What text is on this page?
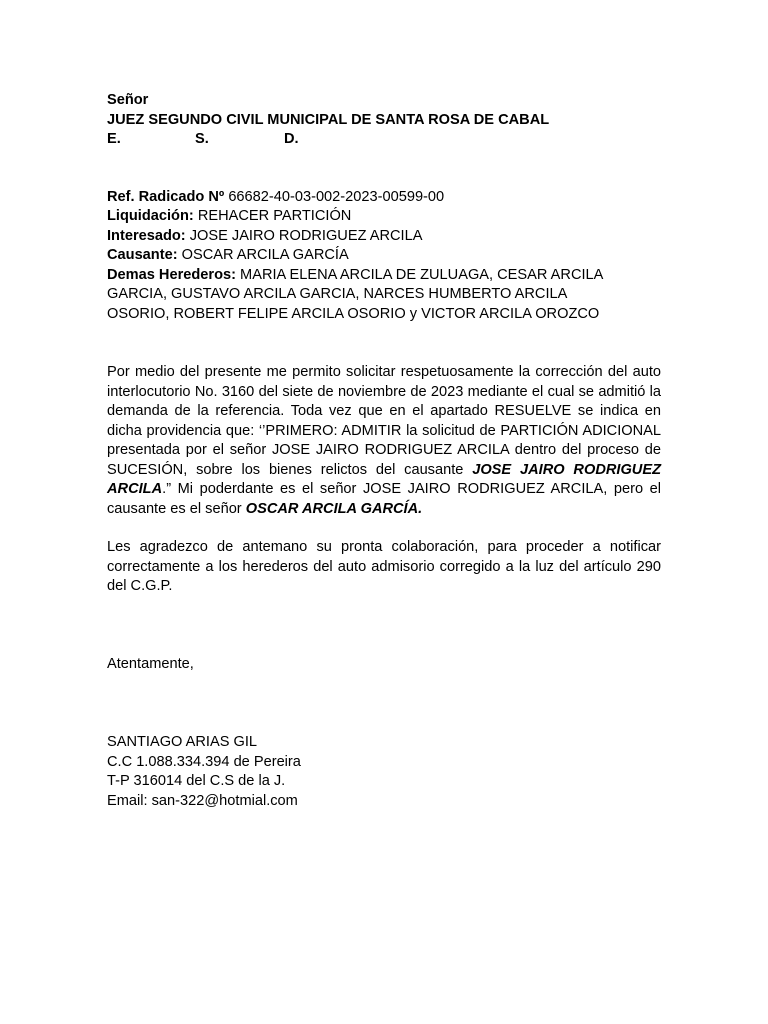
Señor
JUEZ SEGUNDO CIVIL MUNICIPAL DE SANTA ROSA DE CABAL
E.	S.	D.
Ref. Radicado Nº 66682-40-03-002-2023-00599-00
Liquidación: REHACER PARTICIÓN
Interesado: JOSE JAIRO RODRIGUEZ ARCILA
Causante: OSCAR ARCILA GARCÍA
Demas Herederos: MARIA ELENA ARCILA DE ZULUAGA, CESAR ARCILA
GARCIA, GUSTAVO ARCILA GARCIA, NARCES HUMBERTO ARCILA
OSORIO, ROBERT FELIPE ARCILA OSORIO y VICTOR ARCILA OROZCO

Por medio del presente me permito solicitar respetuosamente la corrección del auto interlocutorio No. 3160 del siete de noviembre de 2023 mediante el cual se admitió la demanda de la referencia. Toda vez que en el apartado RESUELVE se indica en dicha providencia que: ‘’PRIMERO: ADMITIR la solicitud de PARTICIÓN ADICIONAL presentada por el señor JOSE JAIRO RODRIGUEZ ARCILA dentro del proceso de SUCESIÓN, sobre los bienes relictos del causante JOSE JAIRO RODRIGUEZ ARCILA.” Mi poderdante es el señor JOSE JAIRO RODRIGUEZ ARCILA, pero el causante es el señor OSCAR ARCILA GARCÍA.

Les agradezco de antemano su pronta colaboración, para proceder a notificar correctamente a los herederos del auto admisorio corregido a la luz del artículo 290 del C.G.P.

Atentamente,
SANTIAGO ARIAS GIL
C.C 1.088.334.394 de Pereira
T-P 316014 del C.S de la J.
Email: san-322@hotmial.com
